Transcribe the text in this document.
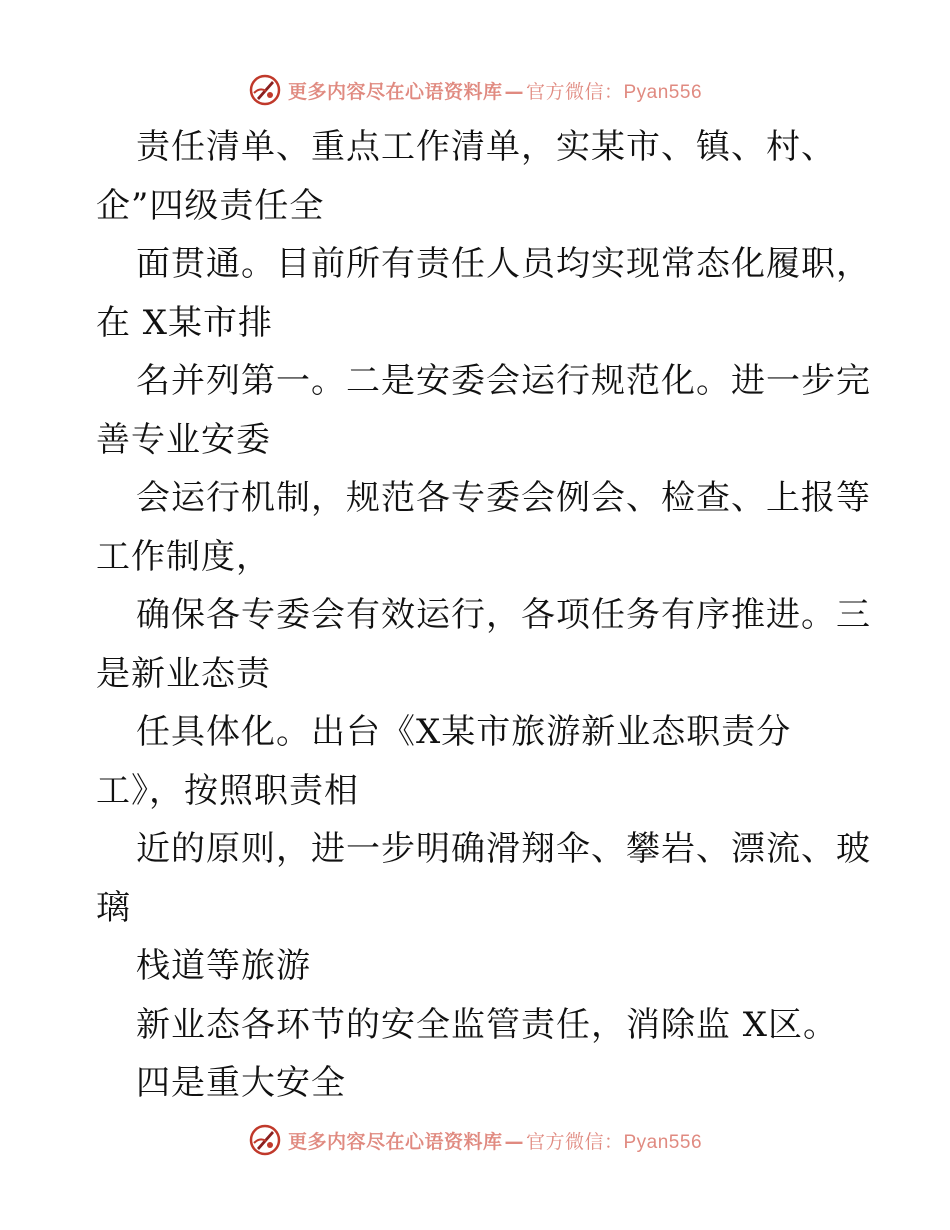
更多内容尽在心语资料库 — 官方微信：Pyan556
责任清单、重点工作清单，实某市、镇、村、
企”四级责任全
面贯通。目前所有责任人员均实现常态化履职，
在 X某市排
名并列第一。二是安委会运行规范化。进一步完
善专业安委
会运行机制，规范各专委会例会、检查、上报等
工作制度，
确保各专委会有效运行，各项任务有序推进。三
是新业态责
任具体化。出台《X某市旅游新业态职责分
工》，按照职责相
近的原则，进一步明确滑翔伞、攀岩、漂流、玻
璃
栈道等旅游
新业态各环节的安全监管责任，消除监 X区。
四是重大安全
更多内容尽在心语资料库 — 官方微信：Pyan556
